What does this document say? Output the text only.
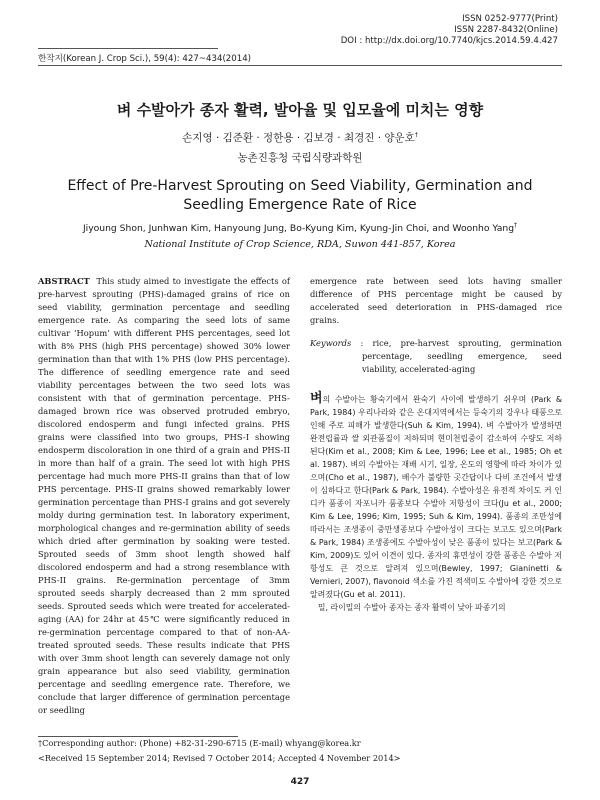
ISSN 0252-9777(Print)
ISSN 2287-8432(Online)
DOI : http://dx.doi.org/10.7740/kjcs.2014.59.4.427
한작지(Korean J. Crop Sci.), 59(4): 427~434(2014)
벼 수발아가 종자 활력, 발아율 및 입모율에 미치는 영향
손지영 · 김준환 · 정한용 · 김보경 · 최경진 · 양운호†
농촌진흥청 국립식량과학원
Effect of Pre-Harvest Sprouting on Seed Viability, Germination and
Seedling Emergence Rate of Rice
Jiyoung Shon, Junhwan Kim, Hanyoung Jung, Bo-Kyung Kim, Kyung-Jin Choi, and Woonho Yang†
National Institute of Crop Science, RDA, Suwon 441-857, Korea
ABSTRACT This study aimed to investigate the effects of pre-harvest sprouting (PHS)-damaged grains of rice on seed viability, germination percentage and seedling emergence rate. As comparing the seed lots of same cultivar ‘Hopum’ with different PHS percentages, seed lot with 8% PHS (high PHS percentage) showed 30% lower germination than that with 1% PHS (low PHS percentage). The difference of seedling emergence rate and seed viability percentages between the two seed lots was consistent with that of germination percentage. PHS-damaged brown rice was observed protruded embryo, discolored endosperm and fungi infected grains. PHS grains were classified into two groups, PHS-I showing endosperm discoloration in one third of a grain and PHS-II in more than half of a grain. The seed lot with high PHS percentage had much more PHS-II grains than that of low PHS percentage. PHS-II grains showed remarkably lower germination percentage than PHS-I grains and got severely moldy during germination test. In laboratory experiment, morphological changes and re-germination ability of seeds which dried after germination by soaking were tested. Sprouted seeds of 3mm shoot length showed half discolored endosperm and had a strong resemblance with PHS-II grains. Re-germination percentage of 3mm sprouted seeds sharply decreased than 2 mm sprouted seeds. Sprouted seeds which were treated for accelerated-aging (AA) for 24hr at 45℃ were significantly reduced in re-germination percentage compared to that of non-AA-treated sprouted seeds. These results indicate that PHS with over 3mm shoot length can severely damage not only grain appearance but also seed viability, germination percentage and seedling emergence rate. Therefore, we conclude that larger difference of germination percentage or seedling
emergence rate between seed lots having smaller difference of PHS percentage might be caused by accelerated seed deterioration in PHS-damaged rice grains.
Keywords : rice, pre-harvest sprouting, germination percentage, seedling emergence, seed viability, accelerated-aging
벼의 수발아는 황숙기에서 완숙기 사이에 발생하기 쉬우며 (Park & Park, 1984) 우리나라와 같은 온대지역에서는 등숙기의 강우나 태풍으로 인해 주로 피해가 발생한다(Suh & Kim, 1994). 벼 수발아가 발생하면 완전립률과 쌀 외관품질이 저하되며 현미천립중이 감소하여 수량도 저하된다(Kim et al., 2008; Kim & Lee, 1996; Lee et al., 1985; Oh et al. 1987). 벼의 수발아는 재배 시기, 일장, 온도의 영향에 따라 차이가 있으며(Cho et al., 1987), 배수가 불량한 곳간답이나 다비 조건에서 발생이 심하다고 한다(Park & Park, 1984). 수발아성은 유전적 차이도 커 인디카 품종이 자포니카 품종보다 수발아 저항성이 크다(Ju et al., 2000; Kim & Lee, 1996; Kim, 1995; Suh & Kim, 1994). 품종의 조만성에 따라서는 조생종이 중만생종보다 수발아성이 크다는 보고도 있으며(Park & Park, 1984) 조생종에도 수발아성이 낮은 품종이 있다는 보고(Park & Kim, 2009)도 있어 이견이 있다. 종자의 휴면성이 강한 품종은 수발아 저항성도 큰 것으로 알려져 있으며(Bewley, 1997; Gianinetti & Vernieri, 2007), flavonoid 색소를 가진 적색미도 수발아에 강한 것으로 알려졌다(Gu et al. 2011).
　밀, 라이밀의 수발아 종자는 종자 활력이 낮아 파종기의
†Corresponding author: (Phone) +82-31-290-6715 (E-mail) whyang@korea.kr
<Received 15 September 2014; Revised 7 October 2014; Accepted 4 November 2014>
427
